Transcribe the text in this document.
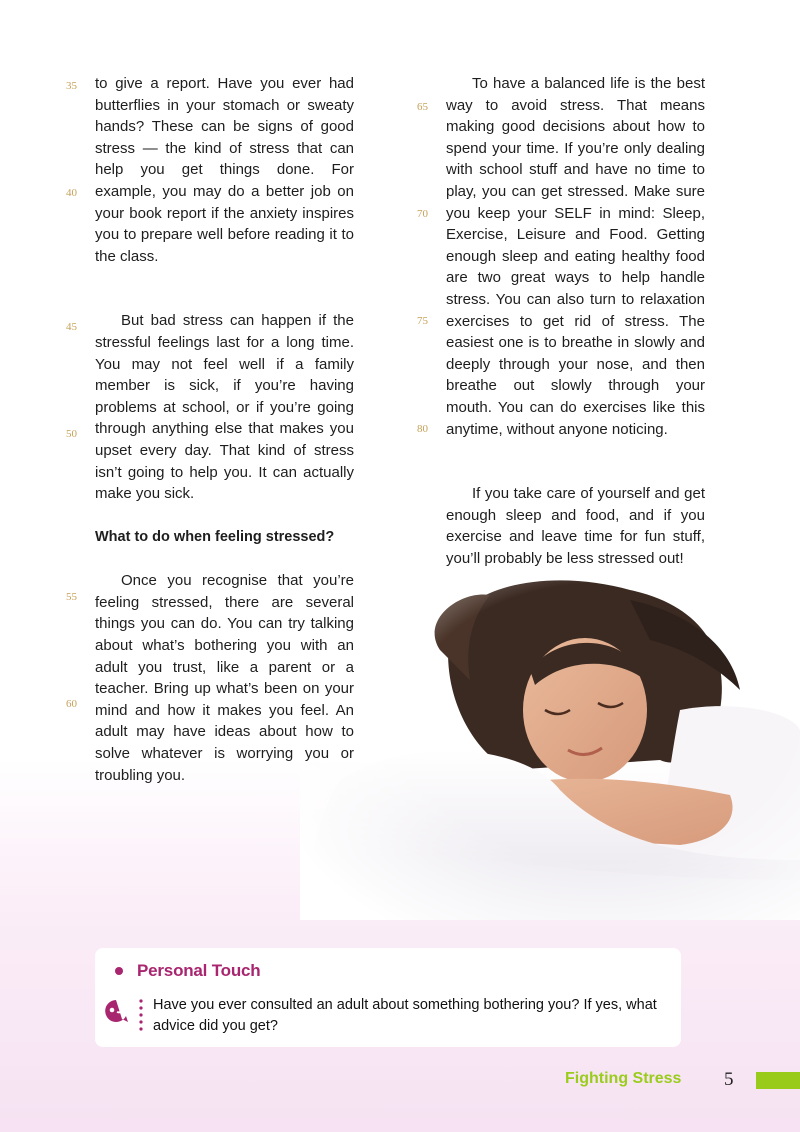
to give a report. Have you ever had butterflies in your stomach or sweaty hands? These can be signs of good stress — the kind of stress that can help you get things done. For example, you may do a better job on your book report if the anxiety inspires you to prepare well before reading it to the class.

But bad stress can happen if the stressful feelings last for a long time. You may not feel well if a family member is sick, if you’re having problems at school, or if you’re going through anything else that makes you upset every day. That kind of stress isn’t going to help you. It can actually make you sick.

What to do when feeling stressed?

Once you recognise that you’re feeling stressed, there are several things you can do. You can try talking about what’s bothering you with an adult you trust, like a parent or a teacher. Bring up what’s been on your mind and how it makes you feel. An adult may have ideas about how to solve whatever is worrying you or troubling you.

To have a balanced life is the best way to avoid stress. That means making good decisions about how to spend your time. If you’re only dealing with school stuff and have no time to play, you can get stressed. Make sure you keep your SELF in mind: Sleep, Exercise, Leisure and Food. Getting enough sleep and eating healthy food are two great ways to help handle stress. You can also turn to relaxation exercises to get rid of stress. The easiest one is to breathe in slowly and deeply through your nose, and then breathe out slowly through your mouth. You can do exercises like this anytime, without anyone noticing.

If you take care of yourself and get enough sleep and food, and if you exercise and leave time for fun stuff, you’ll probably be less stressed out!

35
40
45
50
55
60
65
70
75
80
Personal Touch
Have you ever consulted an adult about something bothering you? If yes, what advice did you get?
Fighting Stress 5
